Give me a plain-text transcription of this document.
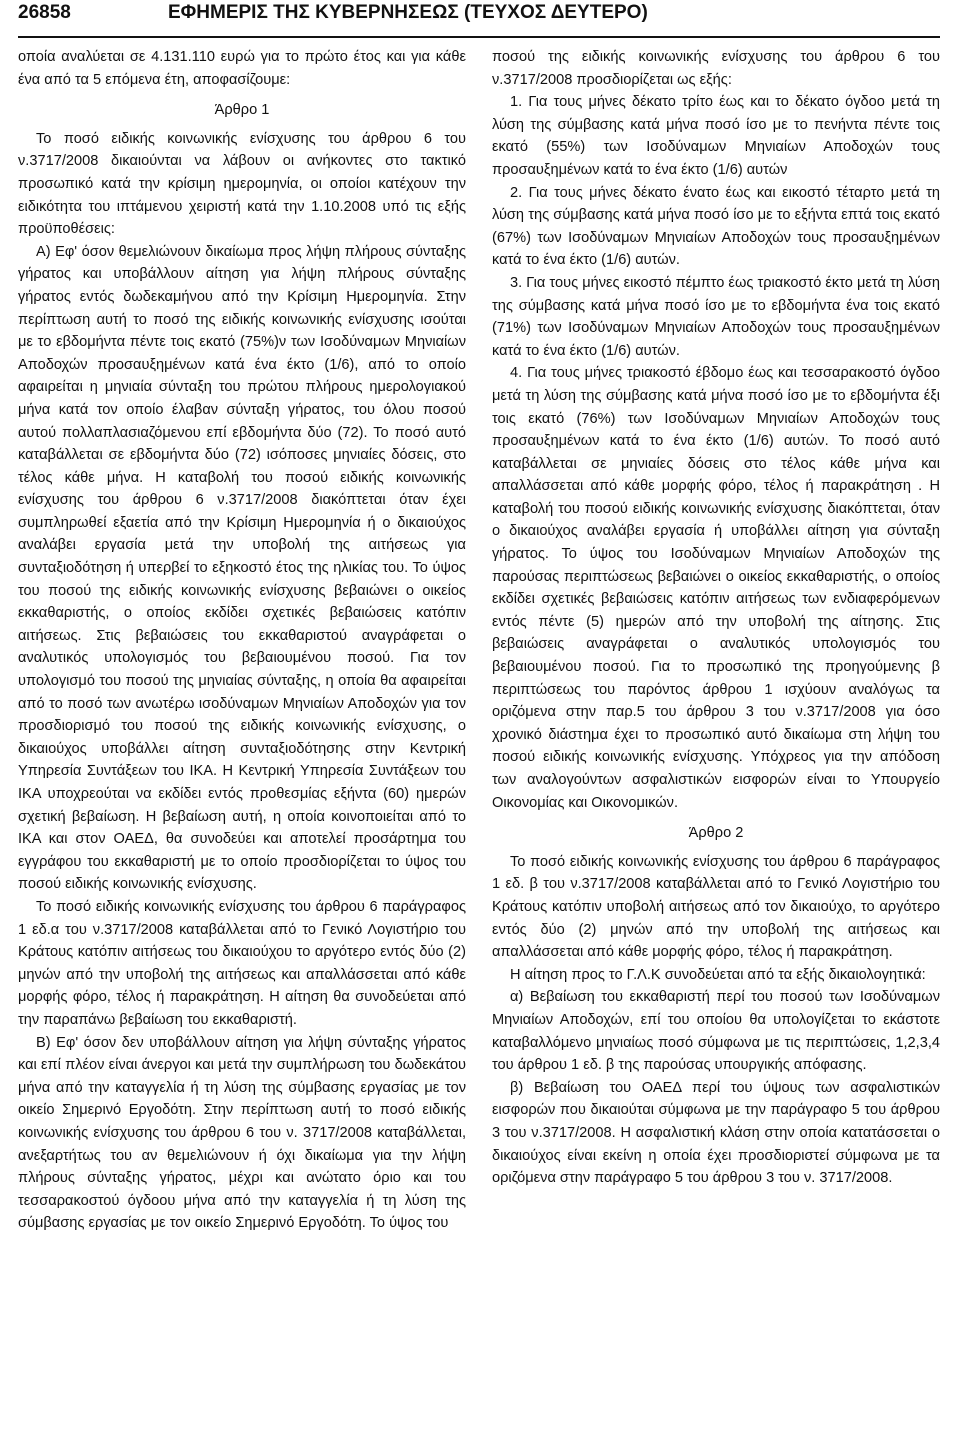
26858	ΕΦΗΜΕΡΙΣ ΤΗΣ ΚΥΒΕΡΝΗΣΕΩΣ (ΤΕΥΧΟΣ ΔΕΥΤΕΡΟ)

οποία αναλύεται σε 4.131.110 ευρώ για το πρώτο έτος και για κάθε ένα από τα 5 επόμενα έτη, αποφασίζουμε:

Άρθρο 1

Το ποσό ειδικής κοινωνικής ενίσχυσης του άρθρου 6 του ν.3717/2008 δικαιούνται να λάβουν οι ανήκοντες στο τακτικό προσωπικό κατά την κρίσιμη ημερομηνία, οι οποίοι κατέχουν την ειδικότητα του ιπτάμενου χειριστή κατά την 1.10.2008 υπό τις εξής προϋποθέσεις:

Α) Εφ' όσον θεμελιώνουν δικαίωμα προς λήψη πλήρους σύνταξης γήρατος και υποβάλλουν αίτηση για λήψη πλήρους σύνταξης γήρατος εντός δωδεκαμήνου από την Κρίσιμη Ημερομηνία. Στην περίπτωση αυτή το ποσό της ειδικής κοινωνικής ενίσχυσης ισούται με το εβδομήντα πέντε τοις εκατό (75%)ν των Ισοδύναμων Μηνιαίων Αποδοχών προσαυξημένων κατά ένα έκτο (1/6), από το οποίο αφαιρείται η μηνιαία σύνταξη του πρώτου πλήρους ημερολογιακού μήνα κατά τον οποίο έλαβαν σύνταξη γήρατος, του όλου ποσού αυτού πολλαπλασιαζόμενου επί εβδομήντα δύο (72). Το ποσό αυτό καταβάλλεται σε εβδομήντα δύο (72) ισόποσες μηνιαίες δόσεις, στο τέλος κάθε μήνα. Η καταβολή του ποσού ειδικής κοινωνικής ενίσχυσης του άρθρου 6 ν.3717/2008 διακόπτεται όταν έχει συμπληρωθεί εξαετία από την Κρίσιμη Ημερομηνία ή ο δικαιούχος αναλάβει εργασία μετά την υποβολή της αιτήσεως για συνταξιοδότηση ή υπερβεί το εξηκοστό έτος της ηλικίας του. Το ύψος του ποσού της ειδικής κοινωνικής ενίσχυσης βεβαιώνει ο οικείος εκκαθαριστής, ο οποίος εκδίδει σχετικές βεβαιώσεις κατόπιν αιτήσεως. Στις βεβαιώσεις του εκκαθαριστού αναγράφεται ο αναλυτικός υπολογισμός του βεβαιουμένου ποσού. Για τον υπολογισμό του ποσού της μηνιαίας σύνταξης, η οποία θα αφαιρείται από το ποσό των ανωτέρω ισοδύναμων Μηνιαίων Αποδοχών για τον προσδιορισμό του ποσού της ειδικής κοινωνικής ενίσχυσης, ο δικαιούχος υποβάλλει αίτηση συνταξιοδότησης στην Κεντρική Υπηρεσία Συντάξεων του ΙΚΑ. Η Κεντρική Υπηρεσία Συντάξεων του ΙΚΑ υποχρεούται να εκδίδει εντός προθεσμίας εξήντα (60) ημερών σχετική βεβαίωση. Η βεβαίωση αυτή, η οποία κοινοποιείται από το ΙΚΑ και στον ΟΑΕΔ, θα συνοδεύει και αποτελεί προσάρτημα του εγγράφου του εκκαθαριστή με το οποίο προσδιορίζεται το ύψος του ποσού ειδικής κοινωνικής ενίσχυσης.

Το ποσό ειδικής κοινωνικής ενίσχυσης του άρθρου 6 παράγραφος 1 εδ.α του ν.3717/2008 καταβάλλεται από το Γενικό Λογιστήριο του Κράτους κατόπιν αιτήσεως του δικαιούχου το αργότερο εντός δύο (2) μηνών από την υποβολή της αιτήσεως και απαλλάσσεται από κάθε μορφής φόρο, τέλος ή παρακράτηση. Η αίτηση θα συνοδεύεται από την παραπάνω βεβαίωση του εκκαθαριστή.

Β) Εφ' όσον δεν υποβάλλουν αίτηση για λήψη σύνταξης γήρατος και επί πλέον είναι άνεργοι και μετά την συμπλήρωση του δωδεκάτου μήνα από την καταγγελία ή τη λύση της σύμβασης εργασίας με τον οικείο Σημερινό Εργοδότη. Στην περίπτωση αυτή το ποσό ειδικής κοινωνικής ενίσχυσης του άρθρου 6 του ν. 3717/2008 καταβάλλεται, ανεξαρτήτως του αν θεμελιώνουν ή όχι δικαίωμα για την λήψη πλήρους σύνταξης γήρατος, μέχρι και ανώτατο όριο και του τεσσαρακοστού όγδοου μήνα από την καταγγελία ή τη λύση της σύμβασης εργασίας με τον οικείο Σημερινό Εργοδότη. Το ύψος του

ποσού της ειδικής κοινωνικής ενίσχυσης του άρθρου 6 του ν.3717/2008 προσδιορίζεται ως εξής:

1. Για τους μήνες δέκατο τρίτο έως και το δέκατο όγδοο μετά τη λύση της σύμβασης κατά μήνα ποσό ίσο με το πενήντα πέντε τοις εκατό (55%) των Ισοδύναμων Μηνιαίων Αποδοχών τους προσαυξημένων κατά το ένα έκτο (1/6) αυτών

2. Για τους μήνες δέκατο ένατο έως και εικοστό τέταρτο μετά τη λύση της σύμβασης κατά μήνα ποσό ίσο με το εξήντα επτά τοις εκατό (67%) των Ισοδύναμων Μηνιαίων Αποδοχών τους προσαυξημένων κατά το ένα έκτο (1/6) αυτών.

3. Για τους μήνες εικοστό πέμπτο έως τριακοστό έκτο μετά τη λύση της σύμβασης κατά μήνα ποσό ίσο με το εβδομήντα ένα τοις εκατό (71%) των Ισοδύναμων Μηνιαίων Αποδοχών τους προσαυξημένων κατά το ένα έκτο (1/6) αυτών.

4. Για τους μήνες τριακοστό έβδομο έως και τεσσαρακοστό όγδοο μετά τη λύση της σύμβασης κατά μήνα ποσό ίσο με το εβδομήντα έξι τοις εκατό (76%) των Ισοδύναμων Μηνιαίων Αποδοχών τους προσαυξημένων κατά το ένα έκτο (1/6) αυτών. Το ποσό αυτό καταβάλλεται σε μηνιαίες δόσεις στο τέλος κάθε μήνα και απαλλάσσεται από κάθε μορφής φόρο, τέλος ή παρακράτηση . Η καταβολή του ποσού ειδικής κοινωνικής ενίσχυσης διακόπτεται, όταν ο δικαιούχος αναλάβει εργασία ή υποβάλλει αίτηση για σύνταξη γήρατος. Το ύψος του Ισοδύναμων Μηνιαίων Αποδοχών της παρούσας περιπτώσεως βεβαιώνει ο οικείος εκκαθαριστής, ο οποίος εκδίδει σχετικές βεβαιώσεις κατόπιν αιτήσεως των ενδιαφερόμενων εντός πέντε (5) ημερών από την υποβολή της αίτησης. Στις βεβαιώσεις αναγράφεται ο αναλυτικός υπολογισμός του βεβαιουμένου ποσού. Για το προσωπικό της προηγούμενης β περιπτώσεως του παρόντος άρθρου 1 ισχύουν αναλόγως τα οριζόμενα στην παρ.5 του άρθρου 3 του ν.3717/2008 για όσο χρονικό διάστημα έχει το προσωπικό αυτό δικαίωμα στη λήψη του ποσού ειδικής κοινωνικής ενίσχυσης. Υπόχρεος για την απόδοση των αναλογούντων ασφαλιστικών εισφορών είναι το Υπουργείο Οικονομίας και Οικονομικών.

Άρθρο 2

Το ποσό ειδικής κοινωνικής ενίσχυσης του άρθρου 6 παράγραφος 1 εδ. β του ν.3717/2008 καταβάλλεται από το Γενικό Λογιστήριο του Κράτους κατόπιν υποβολή αιτήσεως από τον δικαιούχο, το αργότερο εντός δύο (2) μηνών από την υποβολή της αιτήσεως και απαλλάσσεται από κάθε μορφής φόρο, τέλος ή παρακράτηση.

Η αίτηση προς το Γ.Λ.Κ συνοδεύεται από τα εξής δικαιολογητικά:

α) Βεβαίωση του εκκαθαριστή περί του ποσού των Ισοδύναμων Μηνιαίων Αποδοχών, επί του οποίου θα υπολογίζεται το εκάστοτε καταβαλλόμενο μηνιαίως ποσό σύμφωνα με τις περιπτώσεις, 1,2,3,4 του άρθρου 1 εδ. β της παρούσας υπουργικής απόφασης.

β) Βεβαίωση του ΟΑΕΔ περί του ύψους των ασφαλιστικών εισφορών που δικαιούται σύμφωνα με την παράγραφο 5 του άρθρου 3 του ν.3717/2008. Η ασφαλιστική κλάση στην οποία κατατάσσεται ο δικαιούχος είναι εκείνη η οποία έχει προσδιοριστεί σύμφωνα με τα οριζόμενα στην παράγραφο 5 του άρθρου 3 του ν. 3717/2008.
